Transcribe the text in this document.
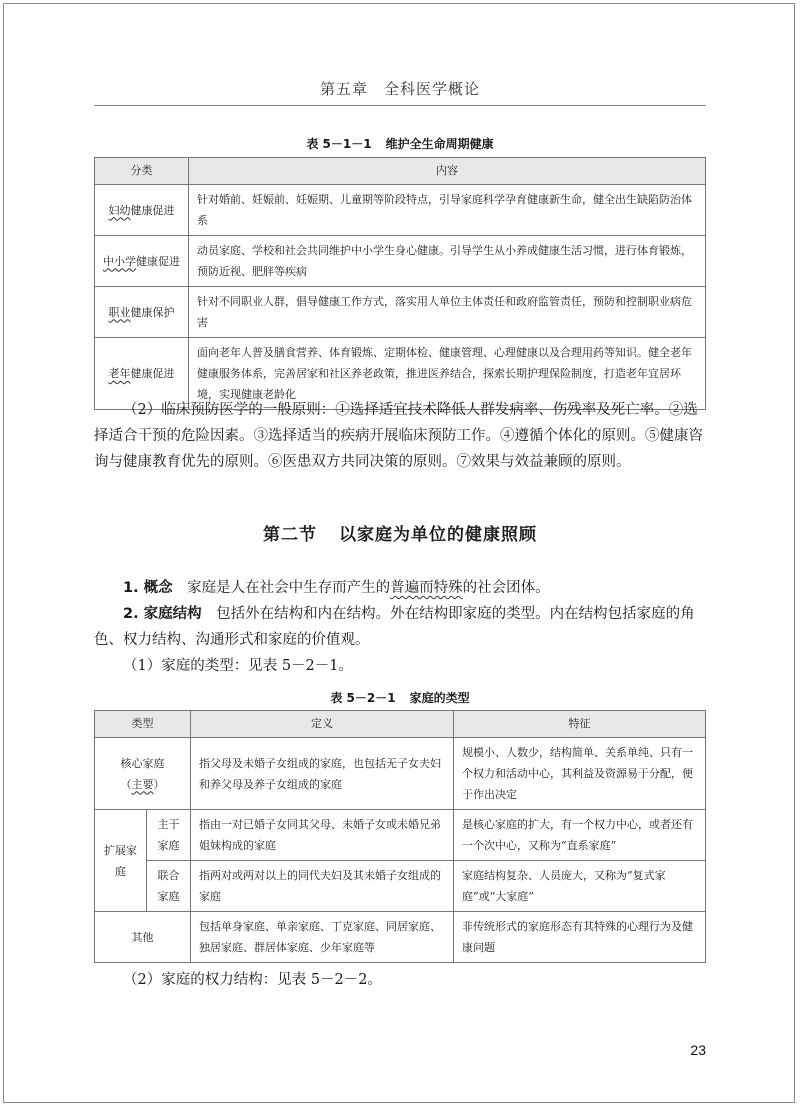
第五章　全科医学概论
表 5－1－1 维护全生命周期健康
分类	内容
妇幼健康促进	针对婚前、妊娠前、妊娠期、儿童期等阶段特点，引导家庭科学孕育健康新生命，健全出生缺陷防治体系
中小学健康促进	动员家庭、学校和社会共同维护中小学生身心健康。引导学生从小养成健康生活习惯，进行体育锻炼，预防近视、肥胖等疾病
职业健康保护	针对不同职业人群，倡导健康工作方式，落实用人单位主体责任和政府监管责任，预防和控制职业病危害
老年健康促进	面向老年人普及膳食营养、体育锻炼、定期体检、健康管理、心理健康以及合理用药等知识。健全老年健康服务体系，完善居家和社区养老政策，推进医养结合，探索长期护理保险制度，打造老年宜居环境，实现健康老龄化

（2）临床预防医学的一般原则：①选择适宜技术降低人群发病率、伤残率及死亡率。②选择适合干预的危险因素。③选择适当的疾病开展临床预防工作。④遵循个体化的原则。⑤健康咨询与健康教育优先的原则。⑥医患双方共同决策的原则。⑦效果与效益兼顾的原则。

第二节 以家庭为单位的健康照顾

1. 概念　 家庭是人在社会中生存而产生的普遍而特殊的社会团体。

2. 家庭结构　 包括外在结构和内在结构。外在结构即家庭的类型。内在结构包括家庭的角色、权力结构、沟通形式和家庭的价值观。

（1）家庭的类型：见表 5－2－1。

表 5－2－1 家庭的类型
类型		定义	特征

核心家庭
（主要）		指父母及未婚子女组成的家庭，也包括无子女夫妇和养父母及养子女组成的家庭	规模小、人数少，结构简单、关系单纯、只有一个权力和活动中心，其利益及资源易于分配，便于作出决定
扩展家庭	主干家庭	指由一对已婚子女同其父母、未婚子女或未婚兄弟姐妹构成的家庭	是核心家庭的扩大，有一个权力中心，或者还有一个次中心，又称为“直系家庭”
	联合家庭	指两对或两对以上的同代夫妇及其未婚子女组成的家庭	家庭结构复杂、人员庞大，又称为“复式家庭”或“大家庭”
其他		包括单身家庭、单亲家庭、丁克家庭、同居家庭、独居家庭、群居体家庭、少年家庭等	非传统形式的家庭形态有其特殊的心理行为及健康问题

（2）家庭的权力结构：见表 5－2－2。

23
